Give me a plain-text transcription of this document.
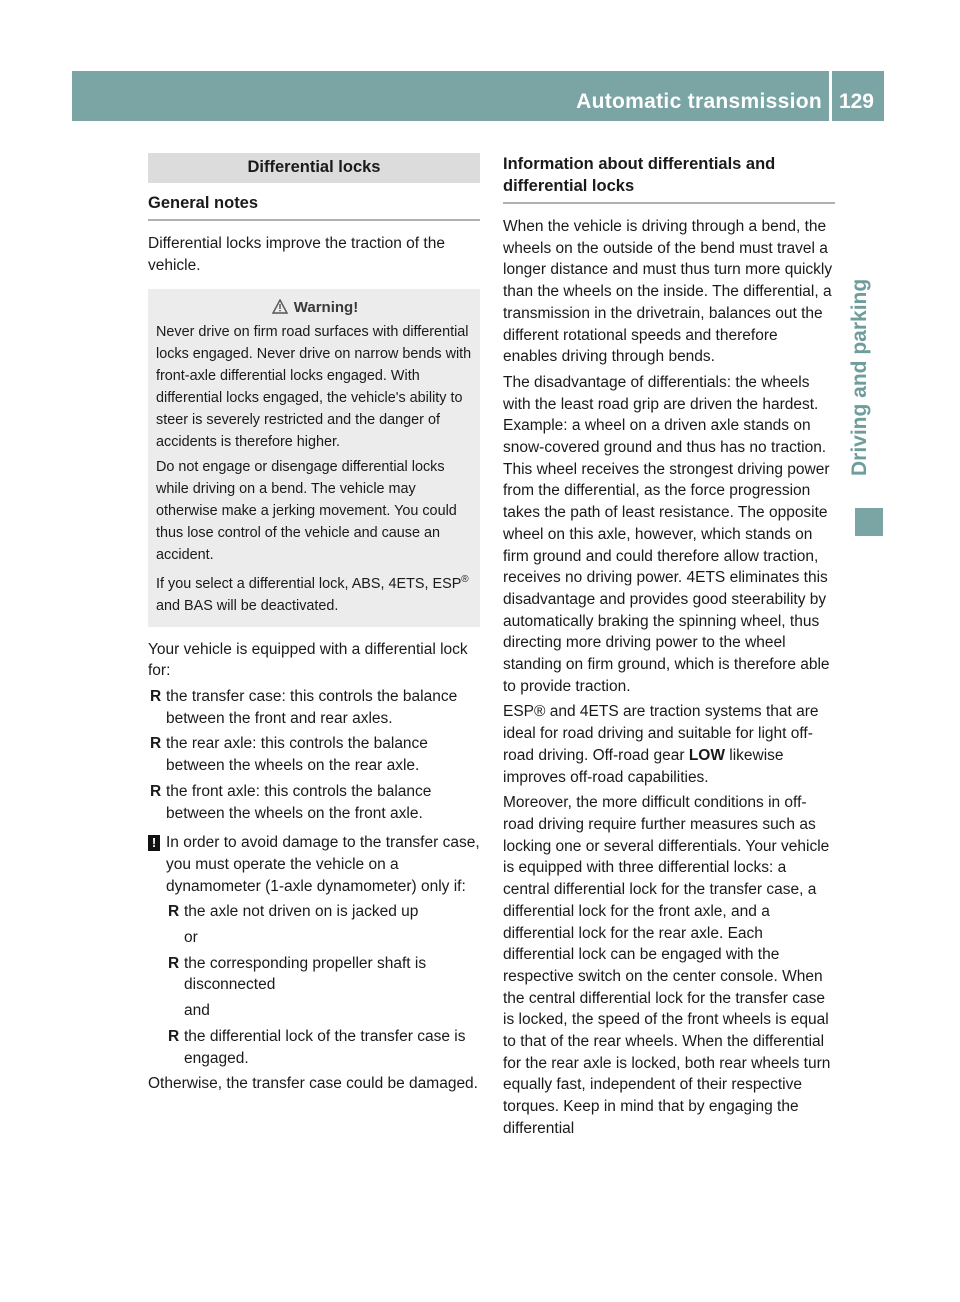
Automatic transmission 129
Driving and parking
Differential locks
General notes

Differential locks improve the traction of the vehicle.

Warning!

Never drive on firm road surfaces with differential locks engaged. Never drive on narrow bends with front-axle differential locks engaged. With differential locks engaged, the vehicle's ability to steer is severely restricted and the danger of accidents is therefore higher.

Do not engage or disengage differential locks while driving on a bend. The vehicle may otherwise make a jerking movement. You could thus lose control of the vehicle and cause an accident.

If you select a differential lock, ABS, 4ETS, ESP® and BAS will be deactivated.

Your vehicle is equipped with a differential lock for:

R the transfer case: this controls the balance between the front and rear axles.
R the rear axle: this controls the balance between the wheels on the rear axle.
R the front axle: this controls the balance between the wheels on the front axle.
! In order to avoid damage to the transfer case, you must operate the vehicle on a dynamometer (1-axle dynamometer) only if:
R the axle not driven on is jacked up
or
R the corresponding propeller shaft is disconnected
and
R the differential lock of the transfer case is engaged.

Otherwise, the transfer case could be damaged.

Information about differentials and differential locks

When the vehicle is driving through a bend, the wheels on the outside of the bend must travel a longer distance and must thus turn more quickly than the wheels on the inside. The differential, a transmission in the drivetrain, balances out the different rotational speeds and therefore enables driving through bends.

The disadvantage of differentials: the wheels with the least road grip are driven the hardest. Example: a wheel on a driven axle stands on snow-covered ground and thus has no traction. This wheel receives the strongest driving power from the differential, as the force progression takes the path of least resistance. The opposite wheel on this axle, however, which stands on firm ground and could therefore allow traction, receives no driving power. 4ETS eliminates this disadvantage and provides good steerability by automatically braking the spinning wheel, thus directing more driving power to the wheel standing on firm ground, which is therefore able to provide traction.

ESP® and 4ETS are traction systems that are ideal for road driving and suitable for light off-road driving. Off-road gear LOW likewise improves off-road capabilities.

Moreover, the more difficult conditions in off-road driving require further measures such as locking one or several differentials. Your vehicle is equipped with three differential locks: a central differential lock for the transfer case, a differential lock for the front axle, and a differential lock for the rear axle. Each differential lock can be engaged with the respective switch on the center console. When the central differential lock for the transfer case is locked, the speed of the front wheels is equal to that of the rear wheels. When the differential for the rear axle is locked, both rear wheels turn equally fast, independent of their respective torques. Keep in mind that by engaging the differential
